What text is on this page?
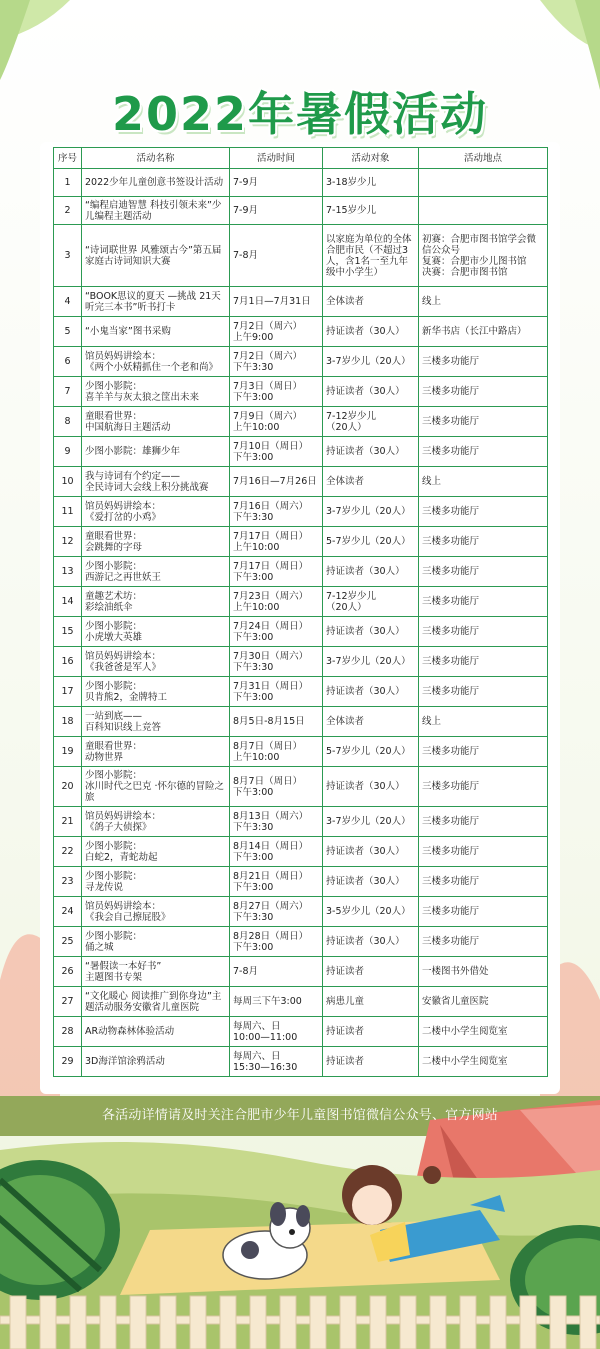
2022年暑假活动
序号	活动名称	活动时间	活动对象	活动地点
1	2022少年儿童创意书签设计活动	7-9月	3-18岁少儿	
2	“编程启迪智慧 科技引领未来”少儿编程主题活动	7-9月	7-15岁少儿	
3	“诗词联世界 风雅颂古今”第五届家庭古诗词知识大赛	7-8月	以家庭为单位的全体合肥市民（不超过3人，含1名一至九年级中小学生）	初赛：合肥市图书馆学会微信公众号
复赛：合肥市少儿图书馆
决赛：合肥市图书馆
4	“BOOK思议的夏天 —挑战 21天听完三本书”听书打卡	7月1日—7月31日	全体读者	线上
5	“小鬼当家”图书采购	7月2日（周六）
上午9:00	持证读者（30人）	新华书店（长江中路店）
6	馆员妈妈讲绘本：
《两个小妖精抓住一个老和尚》	7月2日（周六）
下午3:30	3-7岁少儿（20人）	三楼多功能厅
7	少图小影院：
喜羊羊与灰太狼之筐出未来	7月3日（周日）
下午3:00	持证读者（30人）	三楼多功能厅
8	童眼看世界：
中国航海日主题活动	7月9日（周六）
上午10:00	7-12岁少儿
（20人）	三楼多功能厅
9	少图小影院：雄狮少年	7月10日（周日）
下午3:00	持证读者（30人）	三楼多功能厅
10	我与诗词有个约定——
全民诗词大会线上积分挑战赛	7月16日—7月26日	全体读者	线上
11	馆员妈妈讲绘本：
《爱打岔的小鸡》	7月16日（周六）
下午3:30	3-7岁少儿（20人）	三楼多功能厅
12	童眼看世界：
会跳舞的字母	7月17日（周日）
上午10:00	5-7岁少儿（20人）	三楼多功能厅
13	少图小影院：
西游记之再世妖王	7月17日（周日）
下午3:00	持证读者（30人）	三楼多功能厅
14	童趣艺术坊：
彩绘油纸伞	7月23日（周六）
上午10:00	7-12岁少儿
（20人）	三楼多功能厅
15	少图小影院：
小虎墩大英雄	7月24日（周日）
下午3:00	持证读者（30人）	三楼多功能厅
16	馆员妈妈讲绘本：
《我爸爸是军人》	7月30日（周六）
下午3:30	3-7岁少儿（20人）	三楼多功能厅
17	少图小影院：
贝肯熊2，金牌特工	7月31日（周日）
下午3:00	持证读者（30人）	三楼多功能厅
18	一站到底——
百科知识线上竞答	8月5日-8月15日	全体读者	线上
19	童眼看世界：
动物世界	8月7日（周日）
上午10:00	5-7岁少儿（20人）	三楼多功能厅
20	少图小影院：
冰川时代之巴克 ·怀尔德的冒险之旅	8月7日（周日）
下午3:00	持证读者（30人）	三楼多功能厅
21	馆员妈妈讲绘本：
《鸽子大侦探》	8月13日（周六）
下午3:30	3-7岁少儿（20人）	三楼多功能厅
22	少图小影院：
白蛇2，青蛇劫起	8月14日（周日）
下午3:00	持证读者（30人）	三楼多功能厅
23	少图小影院：
寻龙传说	8月21日（周日）
下午3:00	持证读者（30人）	三楼多功能厅
24	馆员妈妈讲绘本：
《我会自己擦屁股》	8月27日（周六）
下午3:30	3-5岁少儿（20人）	三楼多功能厅
25	少图小影院：
俑之城	8月28日（周日）
下午3:00	持证读者（30人）	三楼多功能厅
26	“暑假读一本好书”
主题图书专架	7-8月	持证读者	一楼图书外借处
27	“文化暖心 阅读推广到你身边”主题活动服务安徽省儿童医院	每周三下午3:00	病患儿童	安徽省儿童医院
28	AR动物森林体验活动	每周六、日
10:00—11:00	持证读者	二楼中小学生阅览室
29	3D海洋馆涂鸦活动	每周六、日
15:30—16:30	持证读者	二楼中小学生阅览室
各活动详情请及时关注合肥市少年儿童图书馆微信公众号、官方网站
